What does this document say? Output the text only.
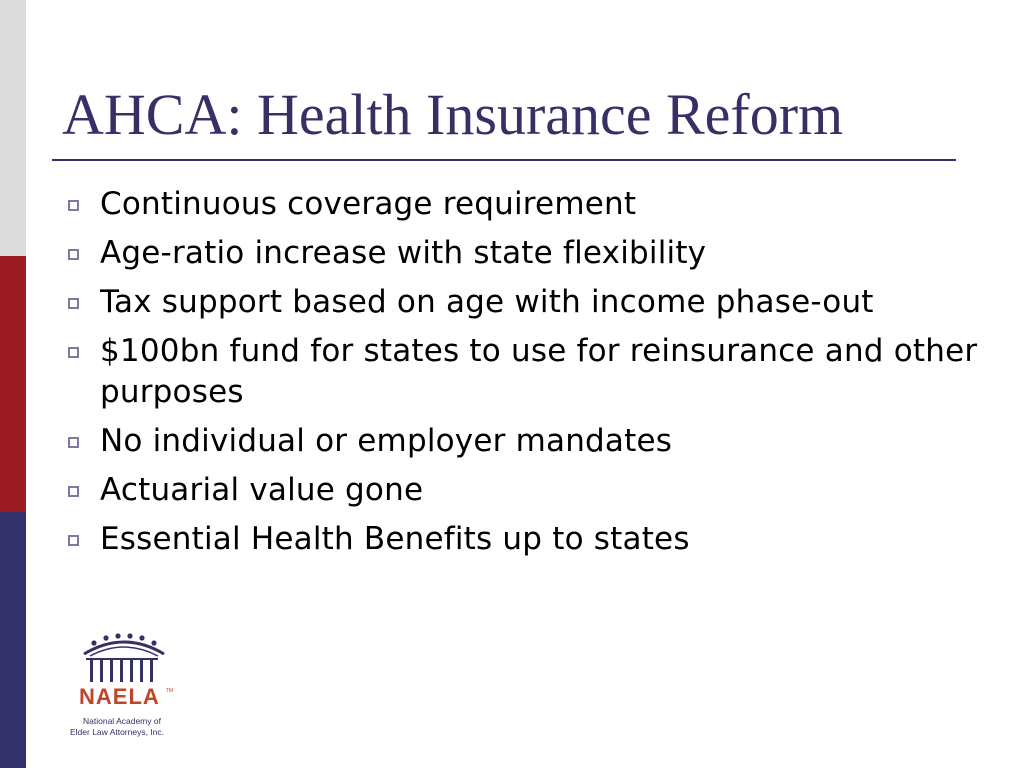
AHCA: Health Insurance Reform
Continuous coverage requirement
Age-ratio increase with state flexibility
Tax support based on age with income phase-out
$100bn fund for states to use for reinsurance and other purposes
No individual or employer mandates
Actuarial value gone
Essential Health Benefits up to states
NAELA TM
National Academy of
Elder Law Attorneys, Inc.
